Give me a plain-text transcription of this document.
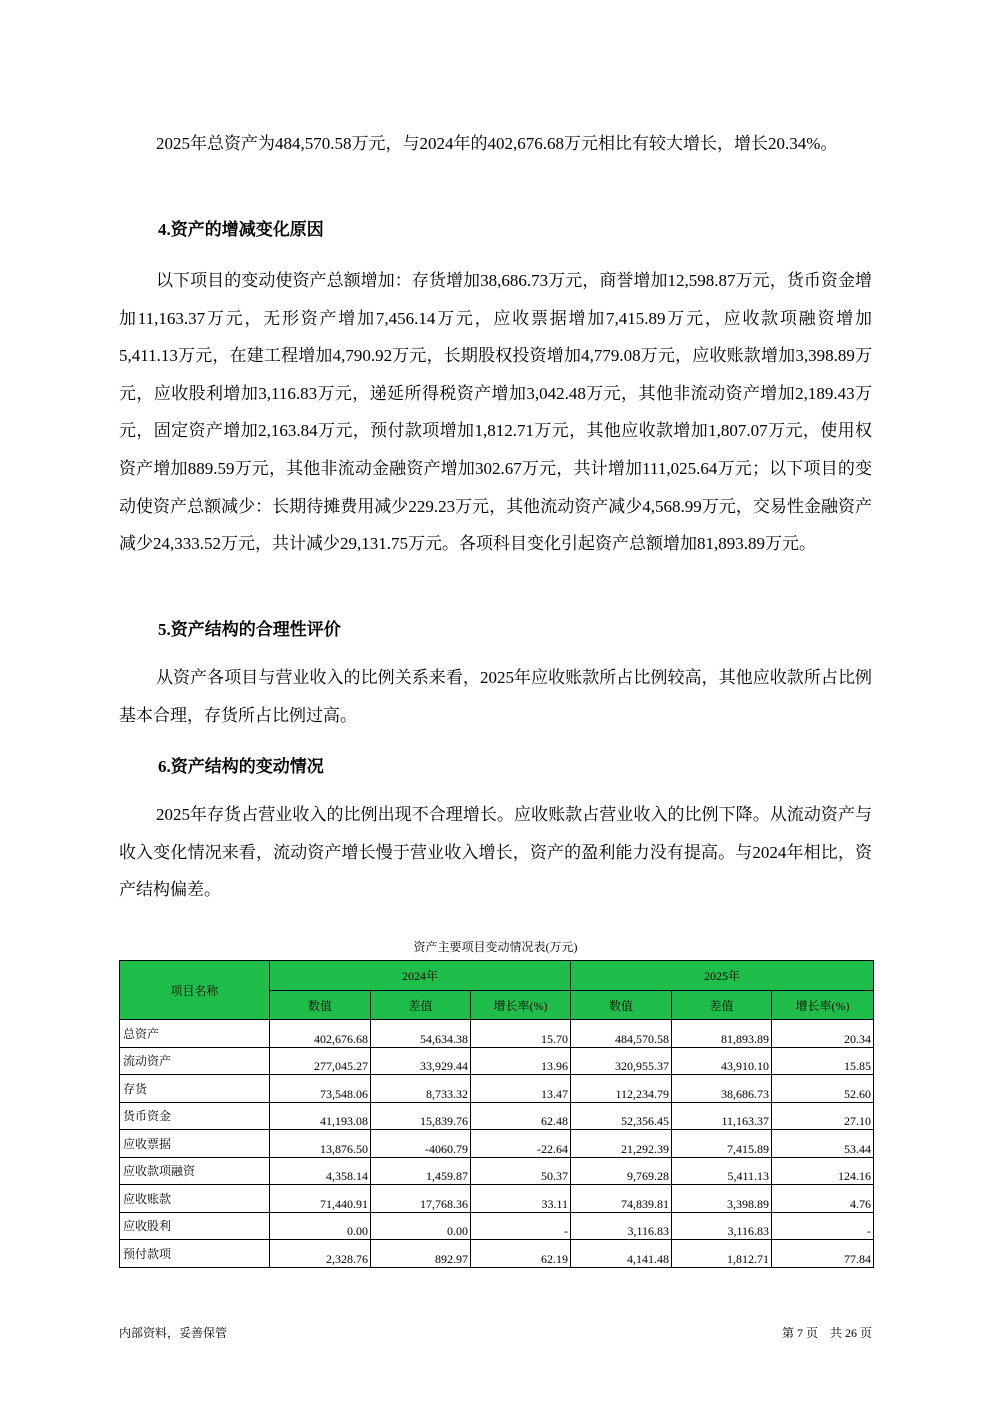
2025年总资产为484,570.58万元，与2024年的402,676.68万元相比有较大增长，增长20.34%。

4.资产的增减变化原因

以下项目的变动使资产总额增加：存货增加38,686.73万元，商誉增加12,598.87万元，货币资金增加11,163.37万元，无形资产增加7,456.14万元，应收票据增加7,415.89万元，应收款项融资增加5,411.13万元，在建工程增加4,790.92万元，长期股权投资增加4,779.08万元，应收账款增加3,398.89万元，应收股利增加3,116.83万元，递延所得税资产增加3,042.48万元，其他非流动资产增加2,189.43万元，固定资产增加2,163.84万元，预付款项增加1,812.71万元，其他应收款增加1,807.07万元，使用权资产增加889.59万元，其他非流动金融资产增加302.67万元，共计增加111,025.64万元；以下项目的变动使资产总额减少：长期待摊费用减少229.23万元，其他流动资产减少4,568.99万元，交易性金融资产减少24,333.52万元，共计减少29,131.75万元。各项科目变化引起资产总额增加81,893.89万元。

5.资产结构的合理性评价

从资产各项目与营业收入的比例关系来看，2025年应收账款所占比例较高，其他应收款所占比例基本合理，存货所占比例过高。

6.资产结构的变动情况

2025年存货占营业收入的比例出现不合理增长。应收账款占营业收入的比例下降。从流动资产与收入变化情况来看，流动资产增长慢于营业收入增长，资产的盈利能力没有提高。与2024年相比，资产结构偏差。

资产主要项目变动情况表(万元)
项目名称	2024年			2025年		
	数值	差值	增长率(%)	数值	差值	增长率(%)
总资产	402,676.68	54,634.38	15.70	484,570.58	81,893.89	20.34
流动资产	277,045.27	33,929.44	13.96	320,955.37	43,910.10	15.85
存货	73,548.06	8,733.32	13.47	112,234.79	38,686.73	52.60
货币资金	41,193.08	15,839.76	62.48	52,356.45	11,163.37	27.10
应收票据	13,876.50	-4060.79	-22.64	21,292.39	7,415.89	53.44
应收款项融资	4,358.14	1,459.87	50.37	9,769.28	5,411.13	124.16
应收账款	71,440.91	17,768.36	33.11	74,839.81	3,398.89	4.76
应收股利	0.00	0.00	-	3,116.83	3,116.83	-
预付款项	2,328.76	892.97	62.19	4,141.48	1,812.71	77.84
内部资料，妥善保管	第 7 页　共 26 页
